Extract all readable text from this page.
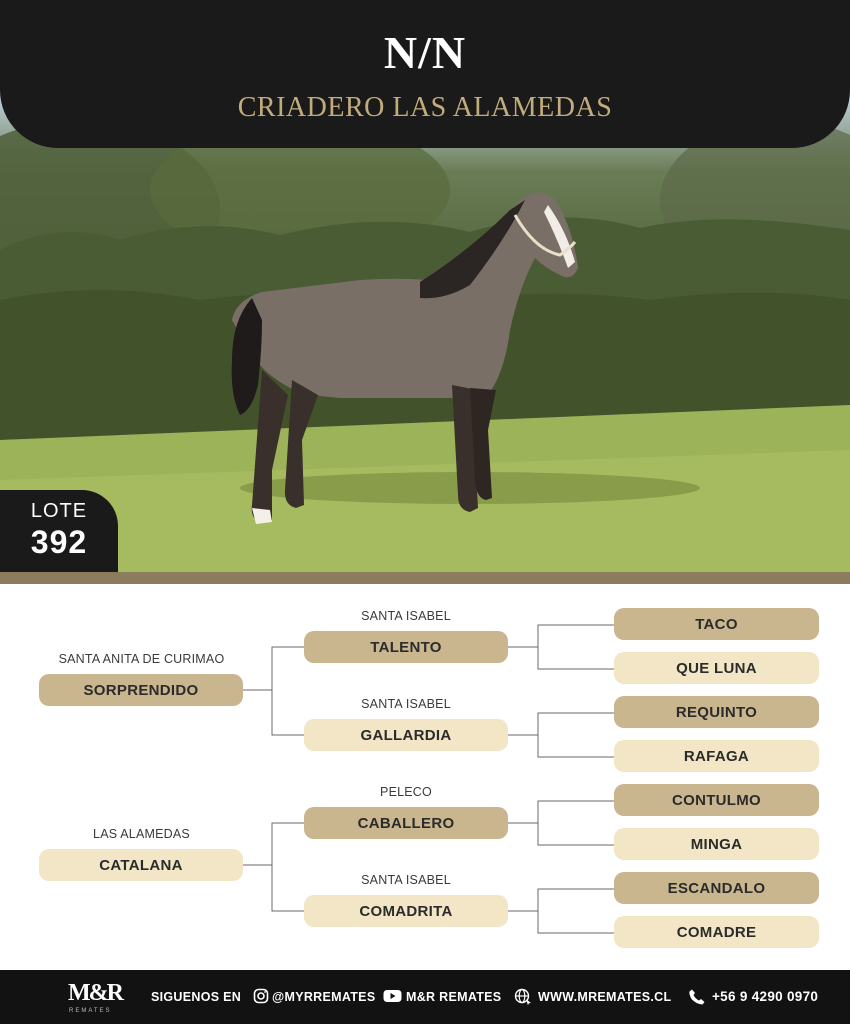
N/N
CRIADERO LAS ALAMEDAS
LOTE
392
SANTA ANITA DE CURIMAO
SORPRENDIDO
LAS ALAMEDAS
CATALANA
SANTA ISABEL
TALENTO
SANTA ISABEL
GALLARDIA
PELECO
CABALLERO
SANTA ISABEL
COMADRITA
TACO
QUE LUNA
REQUINTO
RAFAGA
CONTULMO
MINGA
ESCANDALO
COMADRE
M&R
REMATES
SIGUENOS EN @MYRREMATES M&R REMATES	WWW.MREMATES.CL	+56 9 4290 0970
